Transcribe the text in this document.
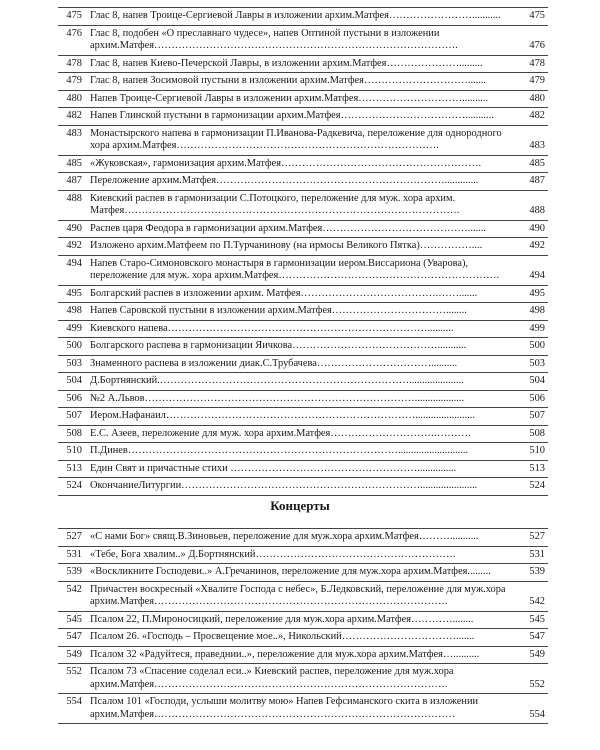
475	Глас 8, напев Троице-Сергиевой Лавры в изложении архим.Матфея……………………...........	475
476	Глас 8, подобен «О преславнаго чудесе», напев Оптиной пустыни в изложении архим.Матфея…………………………………………………………………………….	476
478	Глас 8, напев Киево-Печерской Лавры, в изложении архим.Матфея………………….........	478
479	Глас 8, напев Зосимовой пустыни в изложении архим.Матфея………………………….......	479
480	Напев Троице-Сергиевой Лавры в изложении архим.Матфея…………………………..........	480
482	Напев Глинской пустыни в гармонизации архим.Матфея………………………………...........	482
483	Монастырского напева в гармонизации П.Иванова-Радкевича, переложение для однородного хора архим.Матфея………………………………………………………………….	483
485	«Жуковская», гармонизация архим.Матфея………………………………………………….	485
487	Переложение архим.Матфея………………………………………………………….............	487
488	Киевский распев в гармонизации С.Потоцкого, переложение для муж. хора архим. Матфея…………………………………………………………………………………….	488
490	Распев царя Феодора в гармонизации архим.Матфея…………………………………….......	490
492	Изложено архим.Матфеем по П.Турчанинову (на ирмосы Великого Пятка)……………....	492
494	Напев Старо-Симоновского монастыря в гармонизации иером.Виссариона (Уварова), переложение для муж. хора архим.Матфея……………………………………………………….	494
495	Болгарский распев в изложении архим. Матфея………………………………….…….......	495
498	Напев Саровской пустыни в изложении архим.Матфея……………………………........	498
499	Киевского напева…………………………………………………………………..........	499
500	Болгарского распева в гармонизации Яичкова……………………………………...........	500
503	Знаменного распева в изложении диак.С.Трубачева……………………………..........	503
504	Д.Бортнянский.……………………………………………………………….....................	504
506	№2 А.Львов……………………………………………………………………...................	506
507	Иером.Нафанаил……………………………………………………………….......................	507
508	Е.С. Азеев, переложение для муж. хора архим.Матфея………………………….……….	508
510	П.Динев……………………………………………………………………...........................	510
513	Един Свят и причастные стихи ………………………………………………...............	513
524	ОкончаниеЛитургии……………………………………………………………......................	524
Концерты
527	«С нами Бог» свящ.В.Зиновьев, переложение для муж.хора архим.Матфея………...........	527
531	«Тебе, Бога хвалим..» Д.Бортнянский………………………………………………….	531
539	«Воскликните Господеви..» А.Гречанинов, переложение для муж.хора архим.Матфея.........	539
542	Причастен воскресный «Хвалите Господа с небес», Б.Ледковский, переложение для муж.хора архим.Матфея………………………………………………………………………….	542
545	Псалом 22, П.Мироносицкий, переложение для муж.хора архим.Матфея…………........	545
547	Псалом 26. «Господь – Просвещение мое..», Никольский…………………………….......	547
549	Псалом 32 «Радуйтеся, праведнии..», переложение для муж.хора архим.Матфея…..........	549
552	Псалом 73 «Спасение соделал еси..» Киевский распев, переложение для муж.хора архим.Матфея………………………………………………………………………….	552
554	Псалом 101 «Господи, услыши молитву мою» Напев Гефсиманского скита в изложении архим.Матфея……………………………………………………………………………	554
